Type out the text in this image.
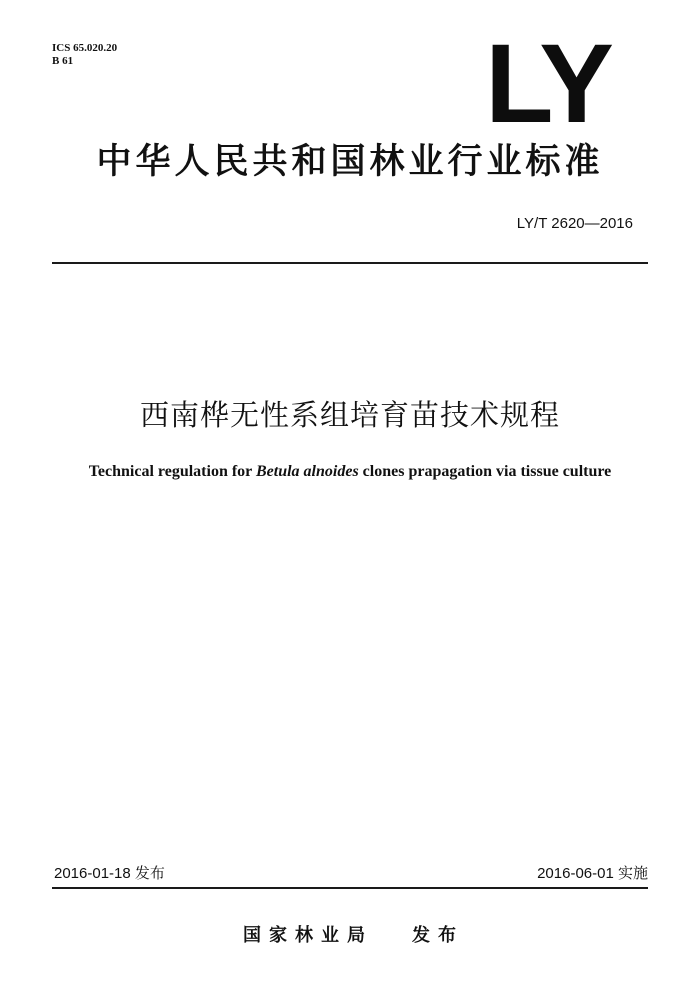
ICS 65.020.20
B 61	LY
中华人民共和国林业行业标准
LY/T 2620—2016
西南桦无性系组培育苗技术规程
Technical regulation for Betula alnoides clones prapagation via tissue culture
2016-01-18 发布	2016-06-01 实施
国家林业局 发布
